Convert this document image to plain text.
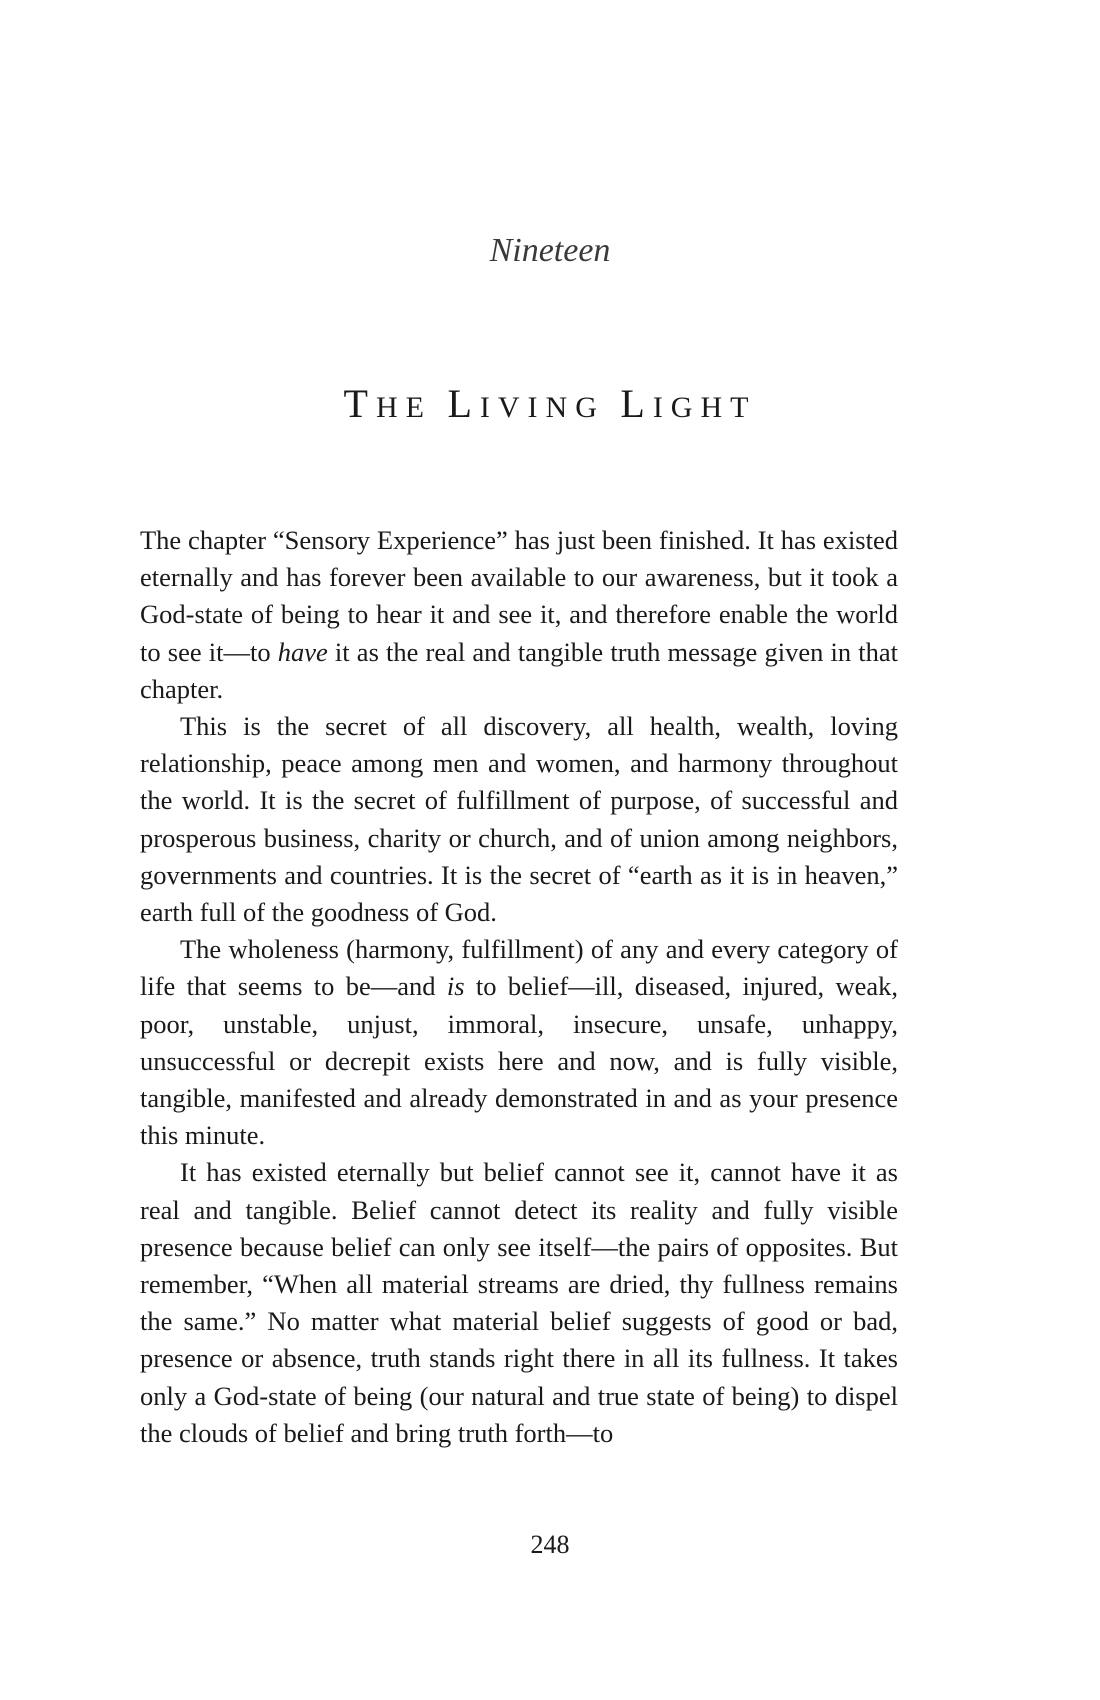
Nineteen
THE LIVING LIGHT

The chapter “Sensory Experience” has just been finished. It has existed eternally and has forever been available to our awareness, but it took a God-state of being to hear it and see it, and therefore enable the world to see it—to have it as the real and tangible truth message given in that chapter.

This is the secret of all discovery, all health, wealth, loving relationship, peace among men and women, and harmony throughout the world. It is the secret of fulfillment of purpose, of successful and prosperous business, charity or church, and of union among neighbors, governments and countries. It is the secret of “earth as it is in heaven,” earth full of the goodness of God.

The wholeness (harmony, fulfillment) of any and every category of life that seems to be—and is to belief—ill, diseased, injured, weak, poor, unstable, unjust, immoral, insecure, unsafe, unhappy, unsuccessful or decrepit exists here and now, and is fully visible, tangible, manifested and already demonstrated in and as your presence this minute.

It has existed eternally but belief cannot see it, cannot have it as real and tangible. Belief cannot detect its reality and fully visible presence because belief can only see itself—the pairs of opposites. But remember, “When all material streams are dried, thy fullness remains the same.” No matter what material belief suggests of good or bad, presence or absence, truth stands right there in all its fullness. It takes only a God-state of being (our natural and true state of being) to dispel the clouds of belief and bring truth forth—to

248
